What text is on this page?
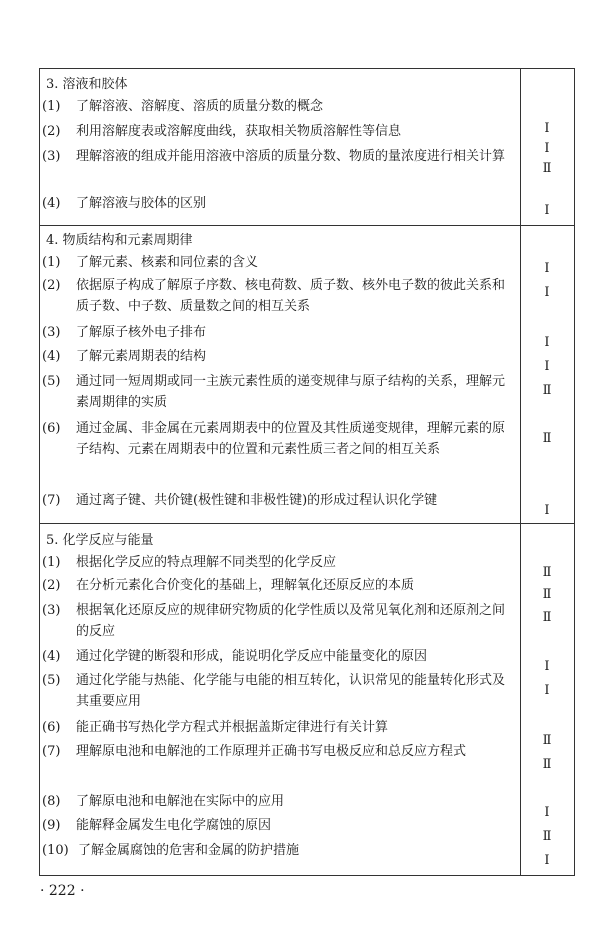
3. 溶液和胶体
(1) 了解溶液、溶解度、溶质的质量分数的概念
(2) 利用溶解度表或溶解度曲线，获取相关物质溶解性等信息
(3) 理解溶液的组成并能用溶液中溶质的质量分数、物质的量浓度进行相关计算
(4) 了解溶液与胶体的区别
Ⅰ
Ⅰ
Ⅱ
Ⅰ
4. 物质结构和元素周期律
(1) 了解元素、核素和同位素的含义
(2) 依据原子构成了解原子序数、核电荷数、质子数、核外电子数的彼此关系和质子数、中子数、质量数之间的相互关系
(3) 了解原子核外电子排布
(4) 了解元素周期表的结构
(5) 通过同一短周期或同一主族元素性质的递变规律与原子结构的关系，理解元素周期律的实质
(6) 通过金属、非金属在元素周期表中的位置及其性质递变规律，理解元素的原子结构、元素在周期表中的位置和元素性质三者之间的相互关系
(7) 通过离子键、共价键(极性键和非极性键)的形成过程认识化学键
Ⅰ
Ⅰ
Ⅰ
Ⅰ
Ⅱ
Ⅱ
Ⅰ
5. 化学反应与能量
(1) 根据化学反应的特点理解不同类型的化学反应
(2) 在分析元素化合价变化的基础上，理解氧化还原反应的本质
(3) 根据氧化还原反应的规律研究物质的化学性质以及常见氧化剂和还原剂之间的反应
(4) 通过化学键的断裂和形成，能说明化学反应中能量变化的原因
(5) 通过化学能与热能、化学能与电能的相互转化，认识常见的能量转化形式及其重要应用
(6) 能正确书写热化学方程式并根据盖斯定律进行有关计算
(7) 理解原电池和电解池的工作原理并正确书写电极反应和总反应方程式
(8) 了解原电池和电解池在实际中的应用
(9) 能解释金属发生电化学腐蚀的原因
(10) 了解金属腐蚀的危害和金属的防护措施
Ⅱ
Ⅱ
Ⅱ
Ⅰ
Ⅰ
Ⅱ
Ⅱ
Ⅰ
Ⅱ
Ⅰ
· 222 ·
